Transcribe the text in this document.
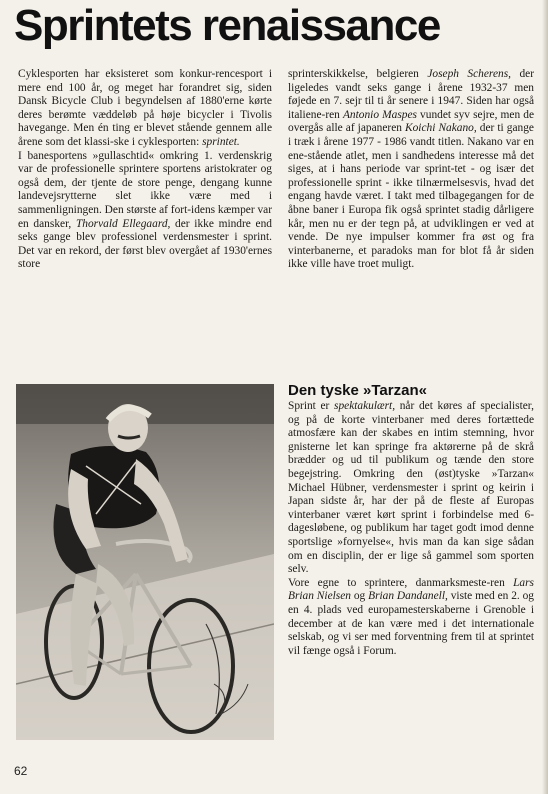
Sprintets renaissance

Cyklesporten har eksisteret som konkur-rencesport i mere end 100 år, og meget har forandret sig, siden Dansk Bicycle Club i begyndelsen af 1880'erne kørte deres berømte væddeløb på høje bicycler i Tivolis havegange. Men én ting er blevet stående gennem alle årene som det klassi-ske i cyklesporten: sprintet.

I banesportens »gullaschtid« omkring 1. verdenskrig var de professionelle sprintere sportens aristokrater og også dem, der tjente de store penge, dengang kunne landevejsrytterne slet ikke være med i sammenligningen. Den største af fort-idens kæmper var en dansker, Thorvald Ellegaard, der ikke mindre end seks gange blev professionel verdensmester i sprint. Det var en rekord, der først blev overgået af 1930'ernes store

sprinterskikkelse, belgieren Joseph Scherens, der ligeledes vandt seks gange i årene 1932-37 men føjede en 7. sejr til ti år senere i 1947. Siden har også italiene-ren Antonio Maspes vundet syv sejre, men de overgås alle af japaneren Koichi Nakano, der ti gange i træk i årene 1977 - 1986 vandt titlen. Nakano var en ene-stående atlet, men i sandhedens interesse må det siges, at i hans periode var sprint-tet - og især det professionelle sprint - ikke tilnærmelsesvis, hvad det engang havde været. I takt med tilbagegangen for de åbne baner i Europa fik også sprintet stadig dårligere kår, men nu er der tegn på, at udviklingen er ved at vende. De nye impulser kommer fra øst og fra vinterbanerne, et paradoks man for blot få år siden ikke ville have troet muligt.

Den tyske »Tarzan«

Sprint er spektakulært, når det køres af specialister, og på de korte vinterbaner med deres fortættede atmosfære kan der skabes en intim stemning, hvor gnisterne let kan springe fra aktørerne på de skrå brædder og ud til publikum og tænde den store begejstring. Omkring den (øst)tyske »Tarzan« Michael Hübner, verdensmester i sprint og keirin i Japan sidste år, har der på de fleste af Europas vinterbaner været kørt sprint i forbindelse med 6-dagesløbene, og publikum har taget godt imod denne sportslige »fornyelse«, hvis man da kan sige sådan om en disciplin, der er lige så gammel som sporten selv.

Vore egne to sprintere, danmarksmeste-ren Lars Brian Nielsen og Brian Dandanell, viste med en 2. og en 4. plads ved europamesterskaberne i Grenoble i december at de kan være med i det internationale selskab, og vi ser med forventning frem til at sprintet vil fænge også i Forum.

62
